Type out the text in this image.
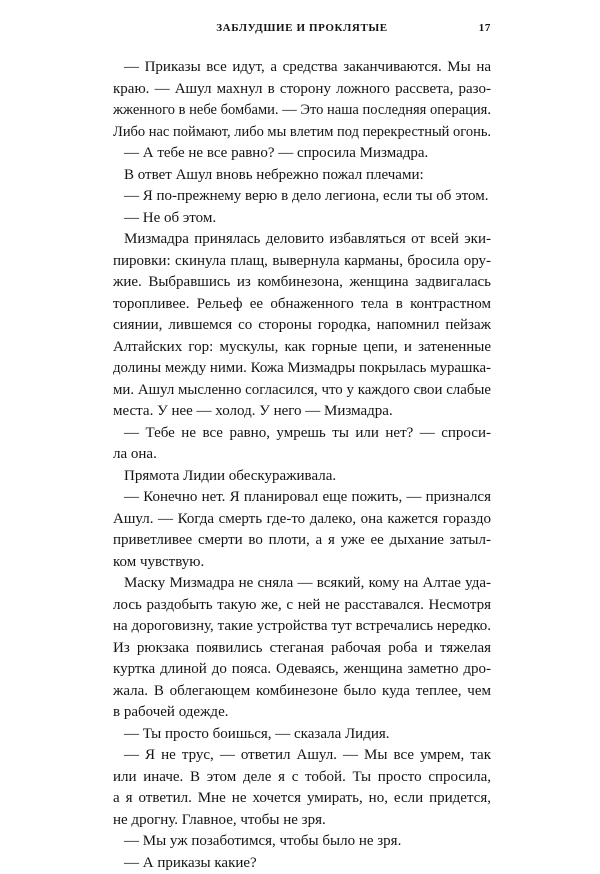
ЗАБЛУДШИЕ И ПРОКЛЯТЫЕ	17
— Приказы все идут, а средства заканчиваются. Мы на
краю. — Ашул махнул в сторону ложного рассвета, разо-
жженного в небе бомбами. — Это наша последняя операция.
Либо нас поймают, либо мы влетим под перекрестный огонь.
— А тебе не все равно? — спросила Мизмадра.
В ответ Ашул вновь небрежно пожал плечами:
— Я по-прежнему верю в дело легиона, если ты об этом.
— Не об этом.
Мизмадра принялась деловито избавляться от всей эки-
пировки: скинула плащ, вывернула карманы, бросила ору-
жие. Выбравшись из комбинезона, женщина задвигалась
торопливее. Рельеф ее обнаженного тела в контрастном
сиянии, лившемся со стороны городка, напомнил пейзаж
Алтайских гор: мускулы, как горные цепи, и затененные
долины между ними. Кожа Мизмадры покрылась мурашка-
ми. Ашул мысленно согласился, что у каждого свои слабые
места. У нее — холод. У него — Мизмадра.
— Тебе не все равно, умрешь ты или нет? — спроси-
ла она.
Прямота Лидии обескураживала.
— Конечно нет. Я планировал еще пожить, — признался
Ашул. — Когда смерть где-то далеко, она кажется гораздо
приветливее смерти во плоти, а я уже ее дыхание затыл-
ком чувствую.
Маску Мизмадра не сняла — всякий, кому на Алтае уда-
лось раздобыть такую же, с ней не расставался. Несмотря
на дороговизну, такие устройства тут встречались нередко.
Из рюкзака появились стеганая рабочая роба и тяжелая
куртка длиной до пояса. Одеваясь, женщина заметно дро-
жала. В облегающем комбинезоне было куда теплее, чем
в рабочей одежде.
— Ты просто боишься, — сказала Лидия.
— Я не трус, — ответил Ашул. — Мы все умрем, так
или иначе. В этом деле я с тобой. Ты просто спросила,
а я ответил. Мне не хочется умирать, но, если придется,
не дрогну. Главное, чтобы не зря.
— Мы уж позаботимся, чтобы было не зря.
— А приказы какие?
